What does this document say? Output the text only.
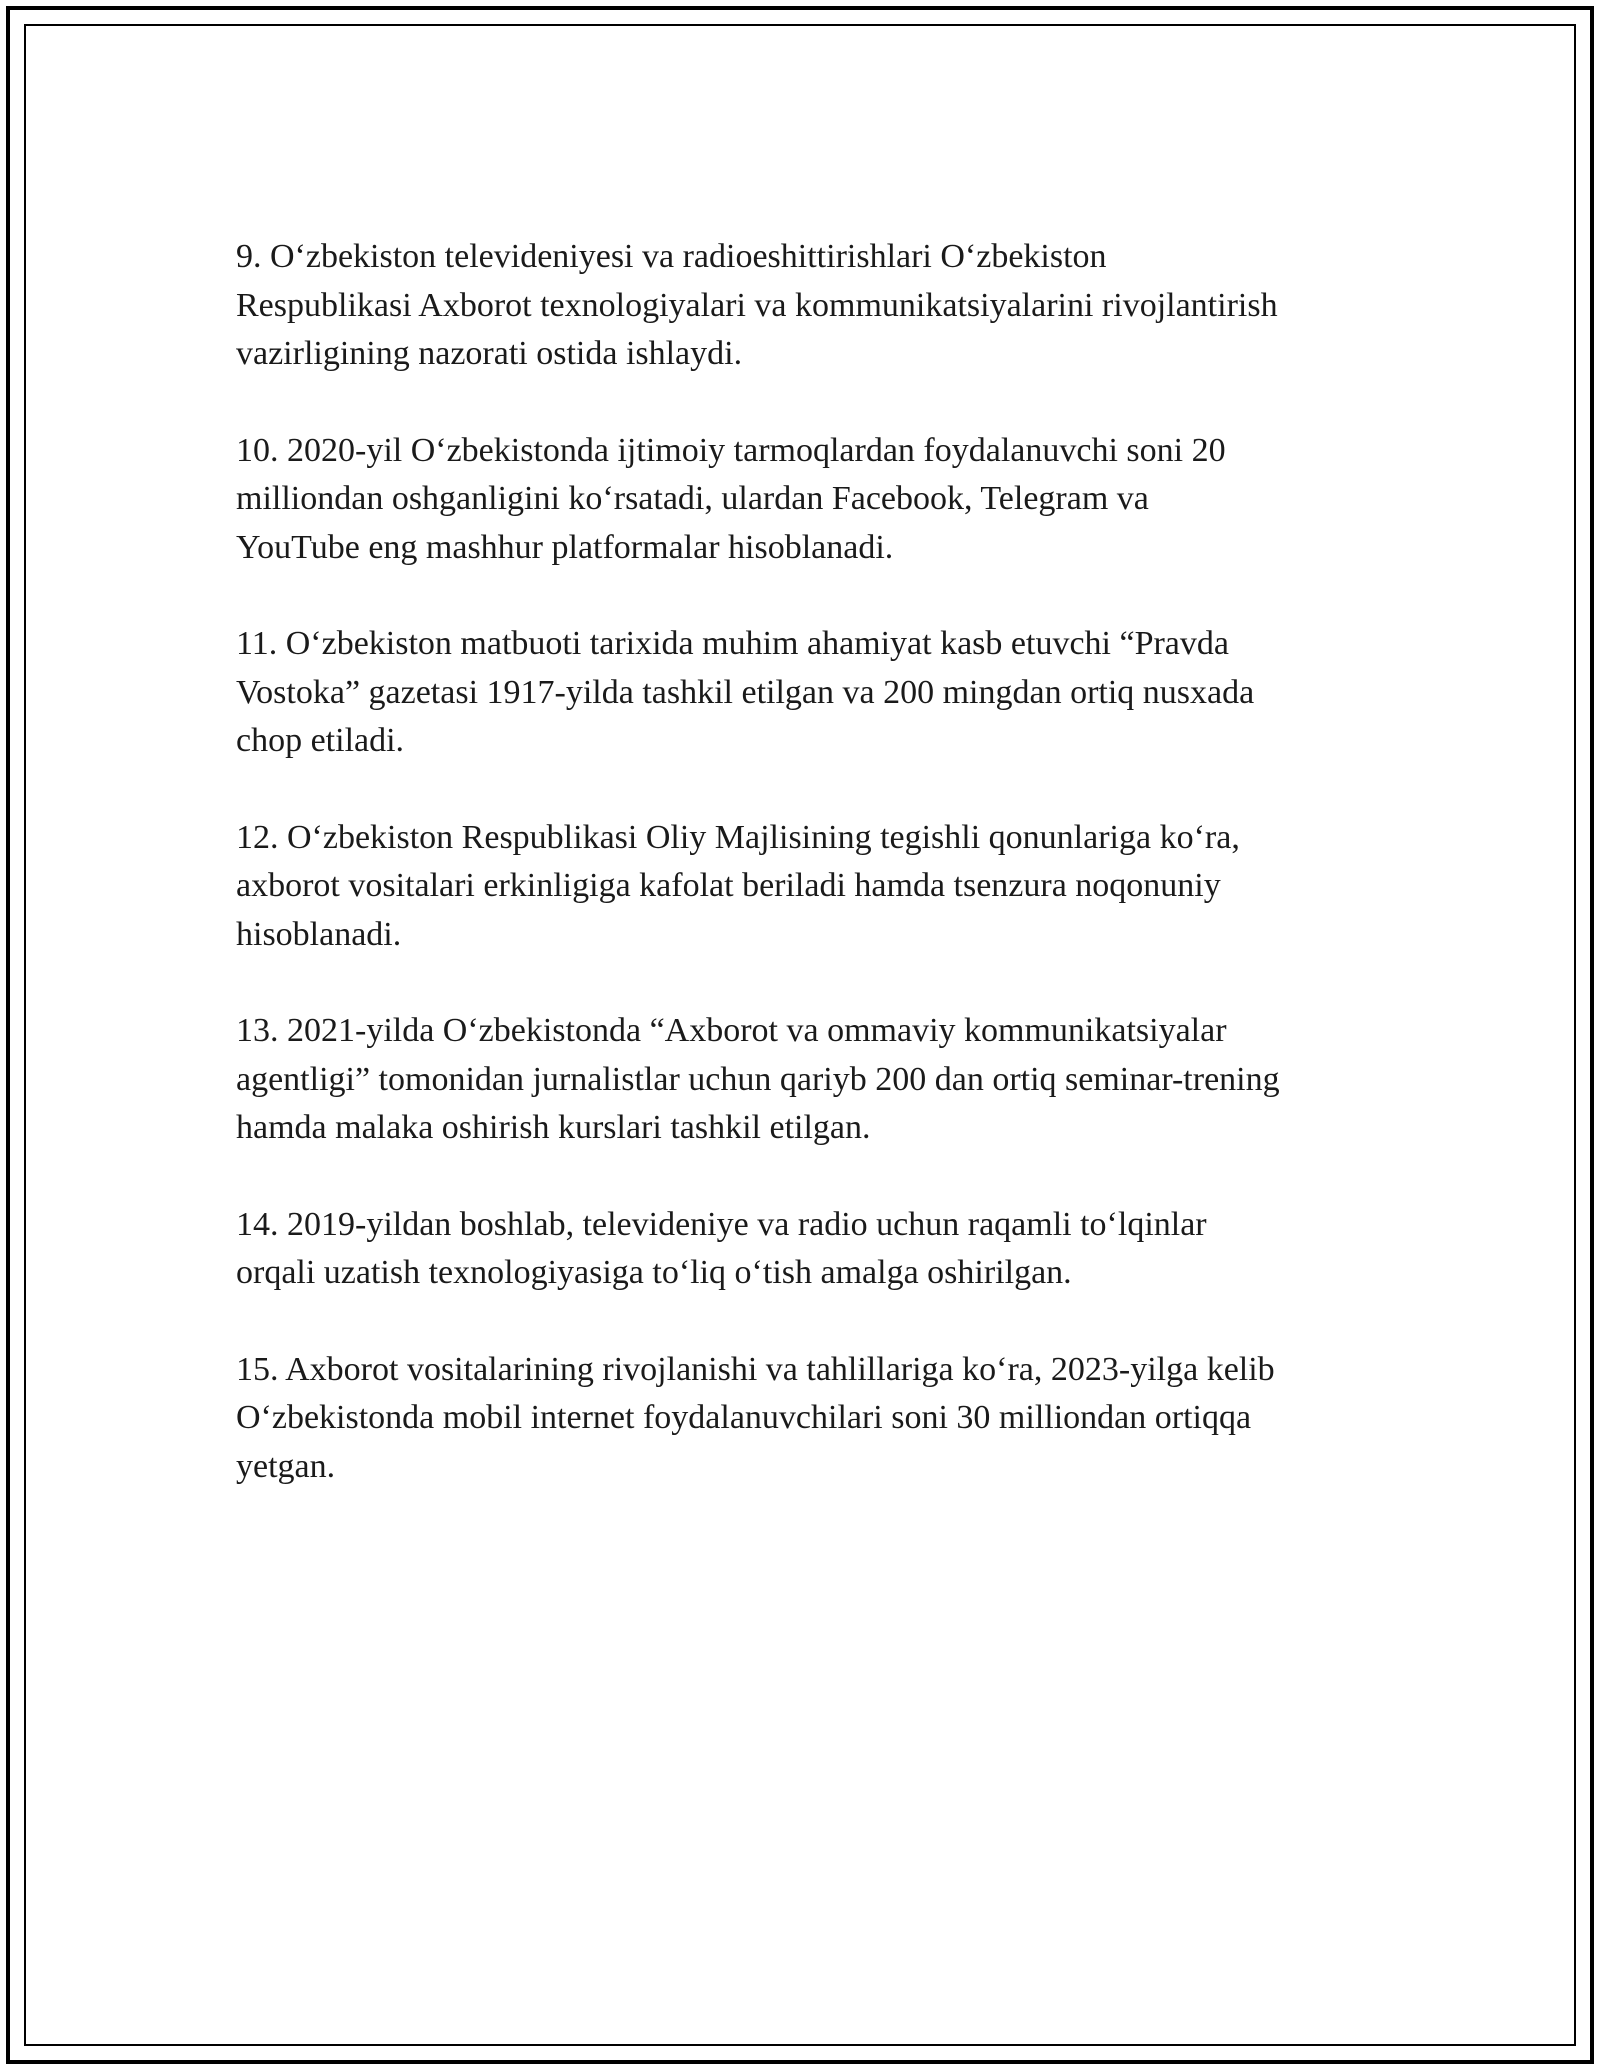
9. O‘zbekiston televideniyesi va radioeshittirishlari O‘zbekiston
Respublikasi Axborot texnologiyalari va kommunikatsiyalarini rivojlantirish
vazirligining nazorati ostida ishlaydi.

10. 2020-yil O‘zbekistonda ijtimoiy tarmoqlardan foydalanuvchi soni 20
milliondan oshganligini ko‘rsatadi, ulardan Facebook, Telegram va
YouTube eng mashhur platformalar hisoblanadi.

11. O‘zbekiston matbuoti tarixida muhim ahamiyat kasb etuvchi “Pravda
Vostoka” gazetasi 1917-yilda tashkil etilgan va 200 mingdan ortiq nusxada
chop etiladi.

12. O‘zbekiston Respublikasi Oliy Majlisining tegishli qonunlariga ko‘ra,
axborot vositalari erkinligiga kafolat beriladi hamda tsenzura noqonuniy
hisoblanadi.

13. 2021-yilda O‘zbekistonda “Axborot va ommaviy kommunikatsiyalar
agentligi” tomonidan jurnalistlar uchun qariyb 200 dan ortiq seminar-trening
hamda malaka oshirish kurslari tashkil etilgan.

14. 2019-yildan boshlab, televideniye va radio uchun raqamli to‘lqinlar
orqali uzatish texnologiyasiga to‘liq o‘tish amalga oshirilgan.

15. Axborot vositalarining rivojlanishi va tahlillariga ko‘ra, 2023-yilga kelib
O‘zbekistonda mobil internet foydalanuvchilari soni 30 milliondan ortiqqa
yetgan.
